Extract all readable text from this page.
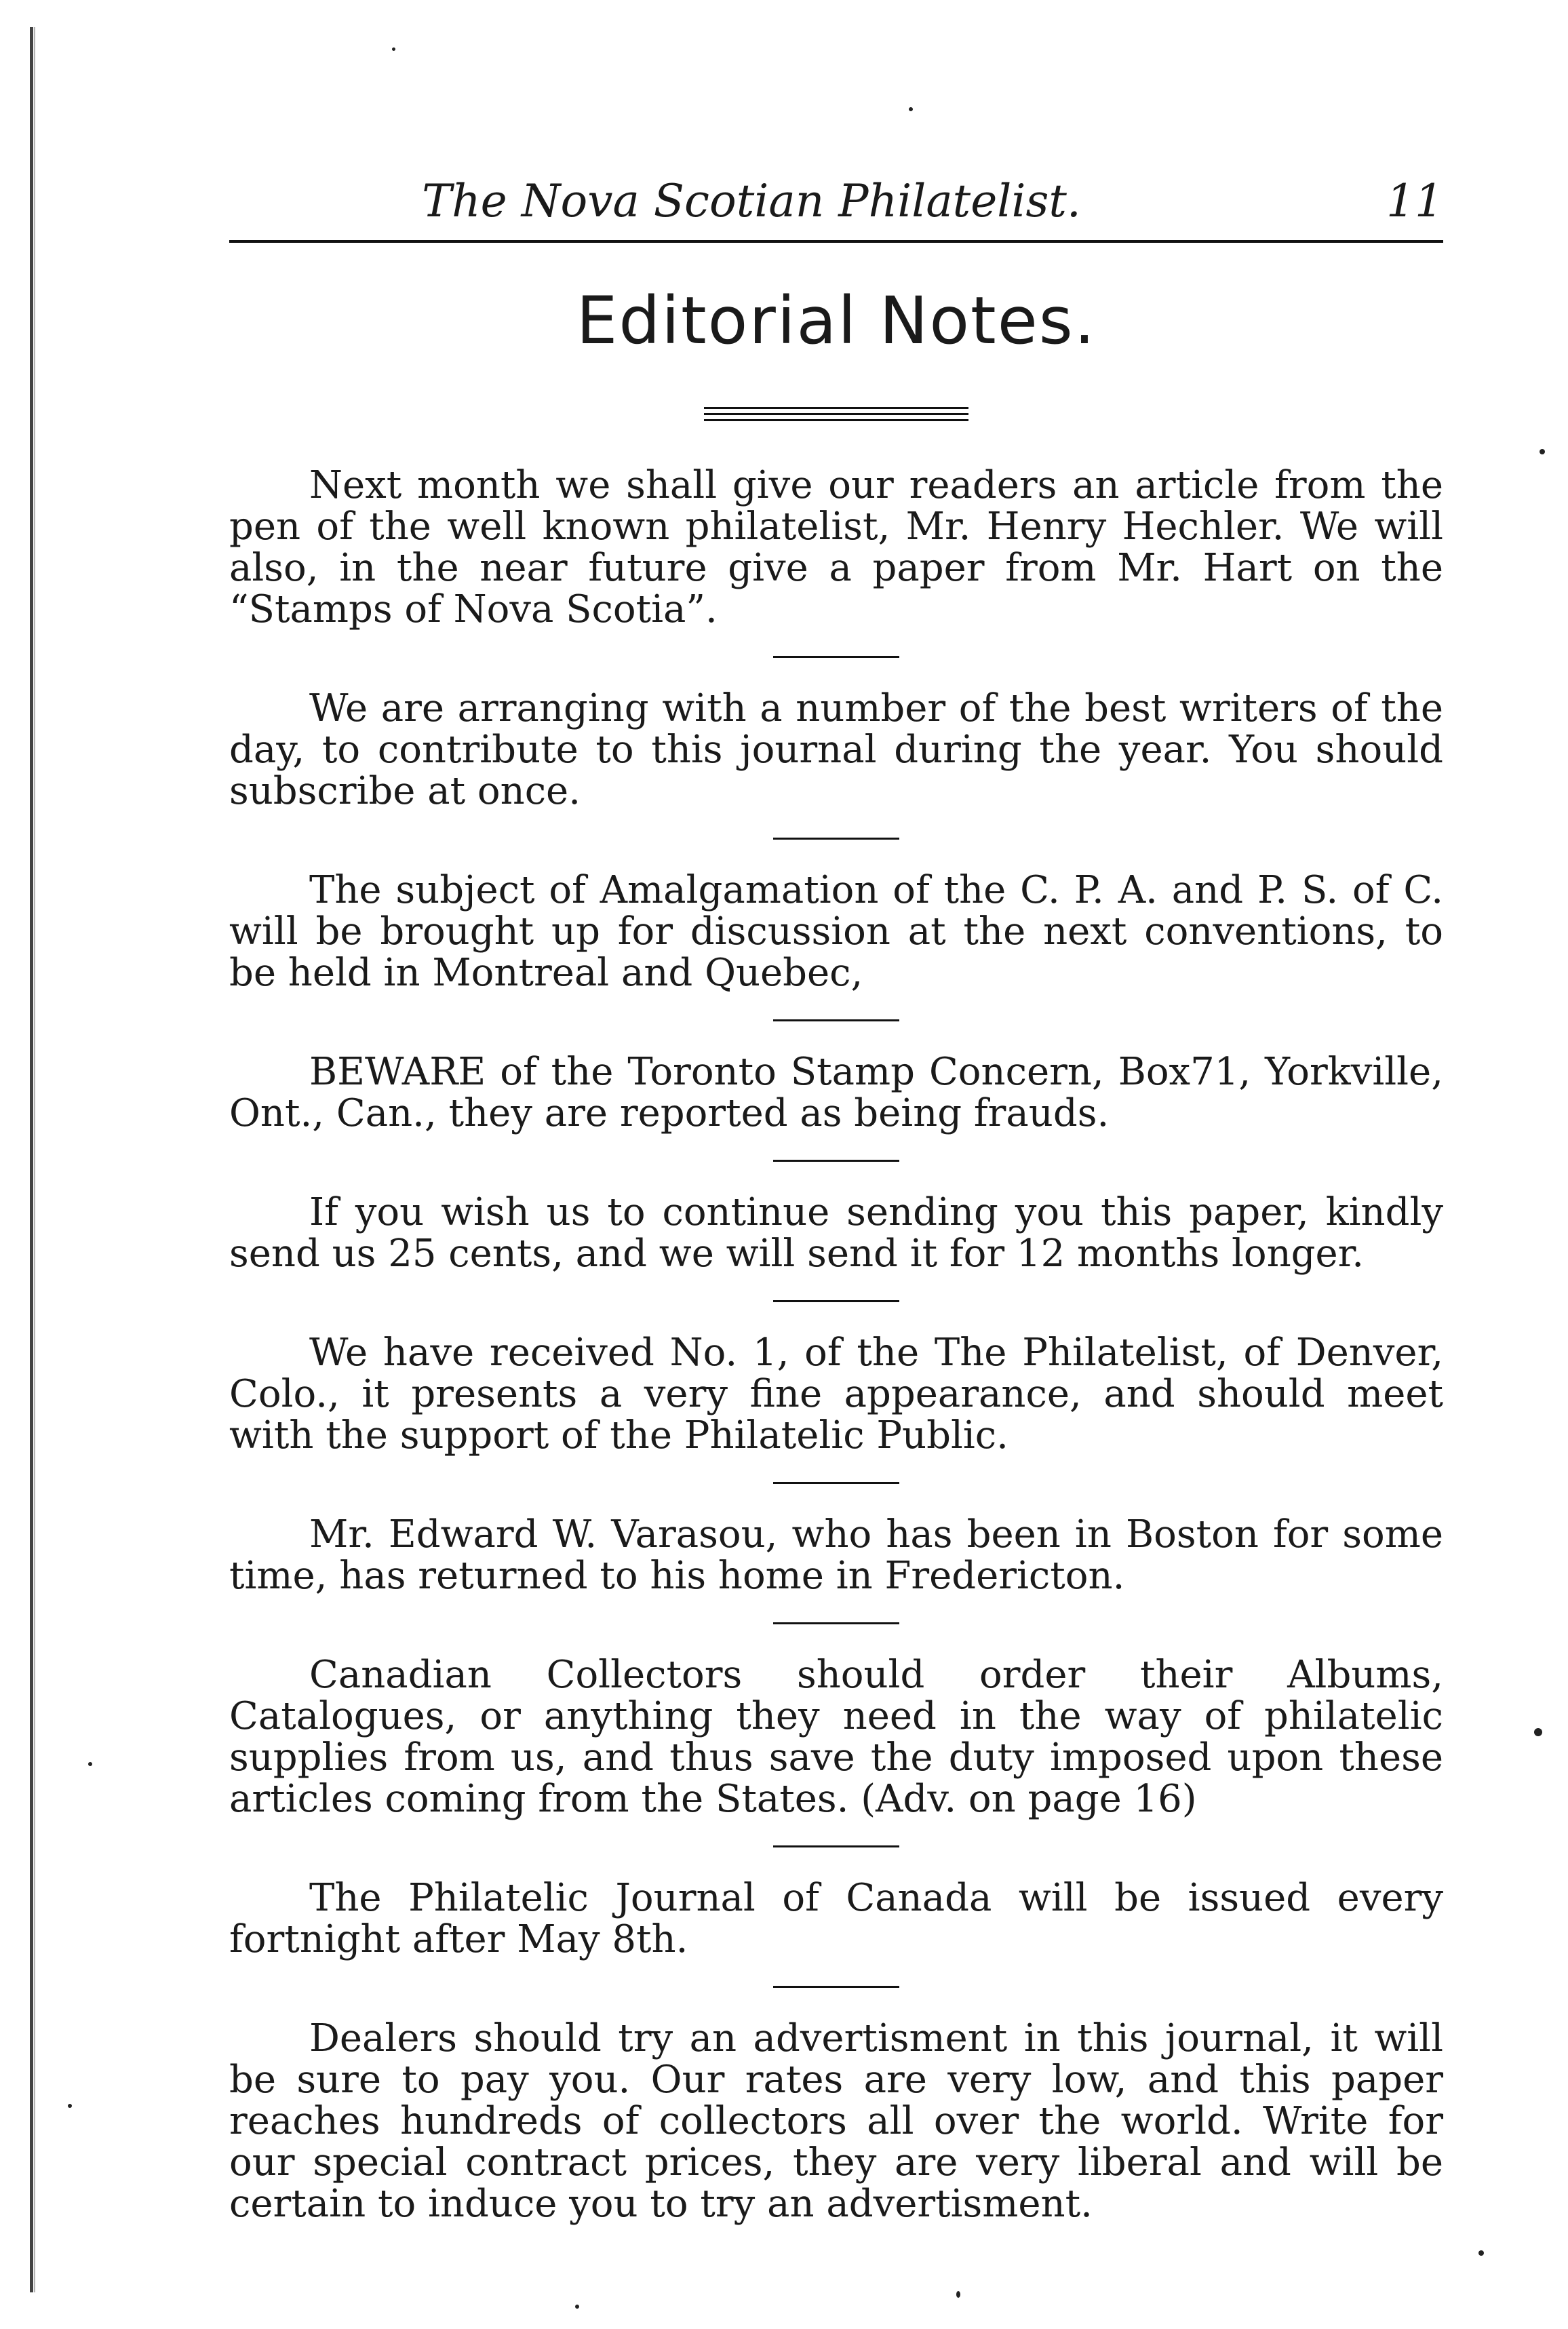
The Nova Scotian Philatelist.	11
Editorial Notes.

Next month we shall give our readers an article from the pen of the well known philatelist, Mr. Henry Hechler. We will also, in the near future give a paper from Mr. Hart on the “Stamps of Nova Scotia”.

We are arranging with a number of the best writers of the day, to contribute to this journal during the year. You should subscribe at once.

The subject of Amalgamation of the C. P. A. and P. S. of C. will be brought up for discussion at the next conventions, to be held in Montreal and Quebec,

BEWARE of the Toronto Stamp Concern, Box71, Yorkville, Ont., Can., they are reported as being frauds.

If you wish us to continue sending you this paper, kindly send us 25 cents, and we will send it for 12 months longer.

We have received No. 1, of the The Philatelist, of Denver, Colo., it presents a very fine appearance, and should meet with the support of the Philatelic Public.

Mr. Edward W. Varasou, who has been in Boston for some time, has returned to his home in Fredericton.

Canadian Collectors should order their Albums, Catalogues, or anything they need in the way of philatelic supplies from us, and thus save the duty imposed upon these articles coming from the States. (Adv. on page 16)

The Philatelic Journal of Canada will be issued every fortnight after May 8th.

Dealers should try an advertisment in this journal, it will be sure to pay you. Our rates are very low, and this paper reaches hundreds of collectors all over the world. Write for our special contract prices, they are very liberal and will be certain to induce you to try an advertisment.
